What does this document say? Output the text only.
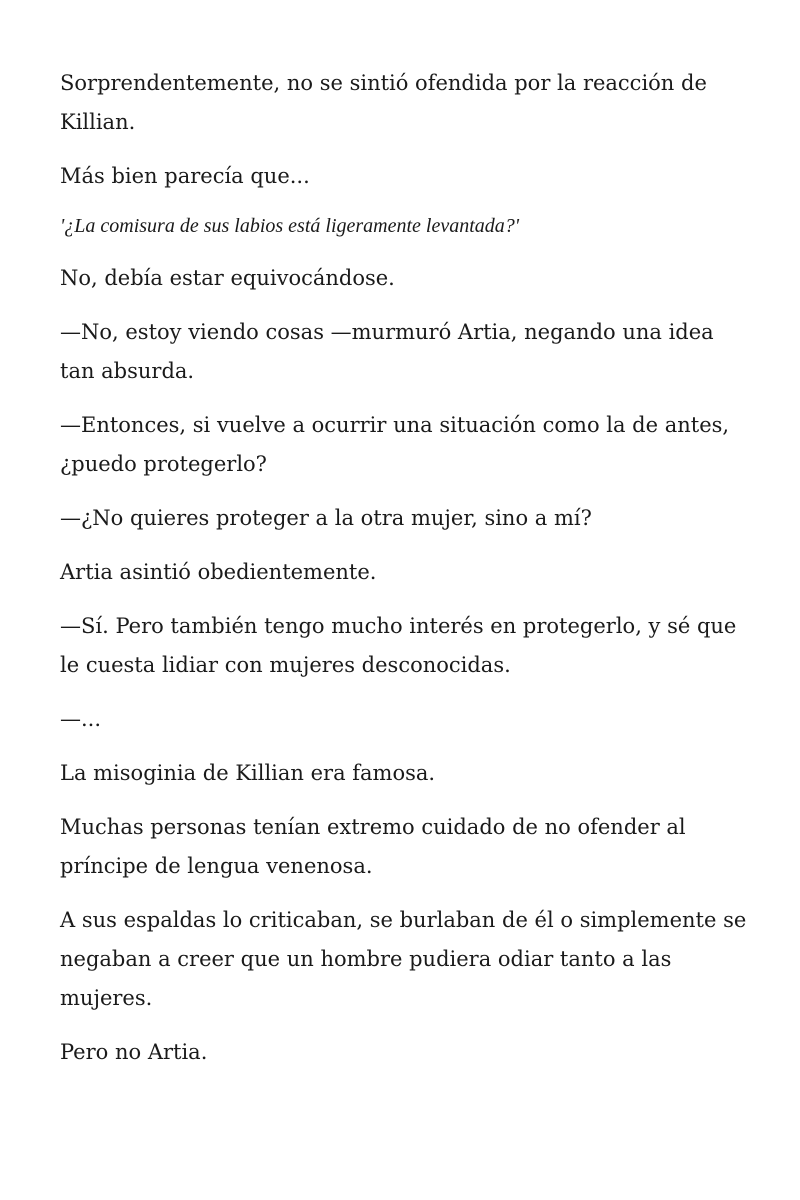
Sorprendentemente, no se sintió ofendida por la reacción de Killian.

Más bien parecía que...

'¿La comisura de sus labios está ligeramente levantada?'

No, debía estar equivocándose.

—No, estoy viendo cosas —murmuró Artia, negando una idea tan absurda.

—Entonces, si vuelve a ocurrir una situación como la de antes, ¿puedo protegerlo?

—¿No quieres proteger a la otra mujer, sino a mí?

Artia asintió obedientemente.

—Sí. Pero también tengo mucho interés en protegerlo, y sé que le cuesta lidiar con mujeres desconocidas.

—...

La misoginia de Killian era famosa.

Muchas personas tenían extremo cuidado de no ofender al príncipe de lengua venenosa.

A sus espaldas lo criticaban, se burlaban de él o simplemente se negaban a creer que un hombre pudiera odiar tanto a las mujeres.

Pero no Artia.
